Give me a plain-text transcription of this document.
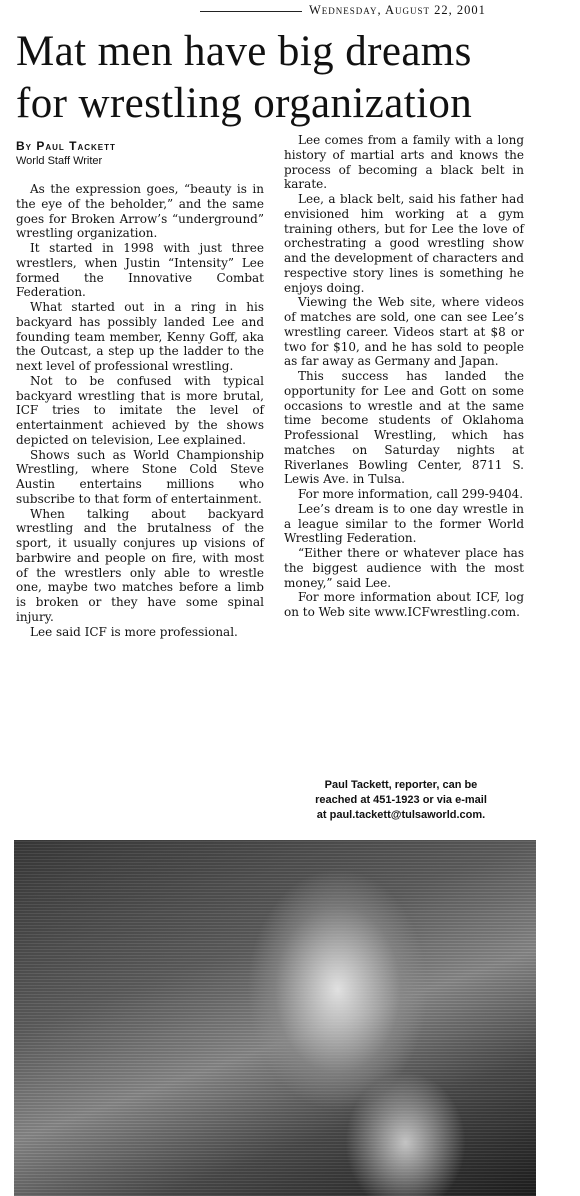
Wednesday, August 22, 2001
Mat men have big dreams
for wrestling organization
By Paul Tackett
World Staff Writer

As the expression goes, “beauty is in the eye of the beholder,” and the same goes for Broken Arrow’s “underground” wrestling organization.

It started in 1998 with just three wrestlers, when Justin “Intensity” Lee formed the Innovative Combat Federation.

What started out in a ring in his backyard has possibly landed Lee and founding team member, Kenny Goff, aka the Outcast, a step up the ladder to the next level of professional wrestling.

Not to be confused with typical backyard wrestling that is more brutal, ICF tries to imitate the level of entertainment achieved by the shows depicted on television, Lee explained.

Shows such as World Championship Wrestling, where Stone Cold Steve Austin entertains millions who subscribe to that form of entertainment.

When talking about backyard wrestling and the brutalness of the sport, it usually conjures up visions of barbwire and people on fire, with most of the wrestlers only able to wrestle one, maybe two matches before a limb is broken or they have some spinal injury.

Lee said ICF is more professional.

Lee comes from a family with a long history of martial arts and knows the process of becoming a black belt in karate.

Lee, a black belt, said his father had envisioned him working at a gym training others, but for Lee the love of orchestrating a good wrestling show and the development of characters and respective story lines is something he enjoys doing.

Viewing the Web site, where videos of matches are sold, one can see Lee’s wrestling career. Videos start at $8 or two for $10, and he has sold to people as far away as Germany and Japan.

This success has landed the opportunity for Lee and Gott on some occasions to wrestle and at the same time become students of Oklahoma Professional Wrestling, which has matches on Saturday nights at Riverlanes Bowling Center, 8711 S. Lewis Ave. in Tulsa.

For more information, call 299-9404.

Lee’s dream is to one day wrestle in a league similar to the former World Wrestling Federation.

“Either there or whatever place has the biggest audience with the most money,” said Lee.

For more information about ICF, log on to Web site www.ICFwrestling.com.

Paul Tackett, reporter, can be
reached at 451-1923 or via e-mail
at paul.tackett@tulsaworld.com.
